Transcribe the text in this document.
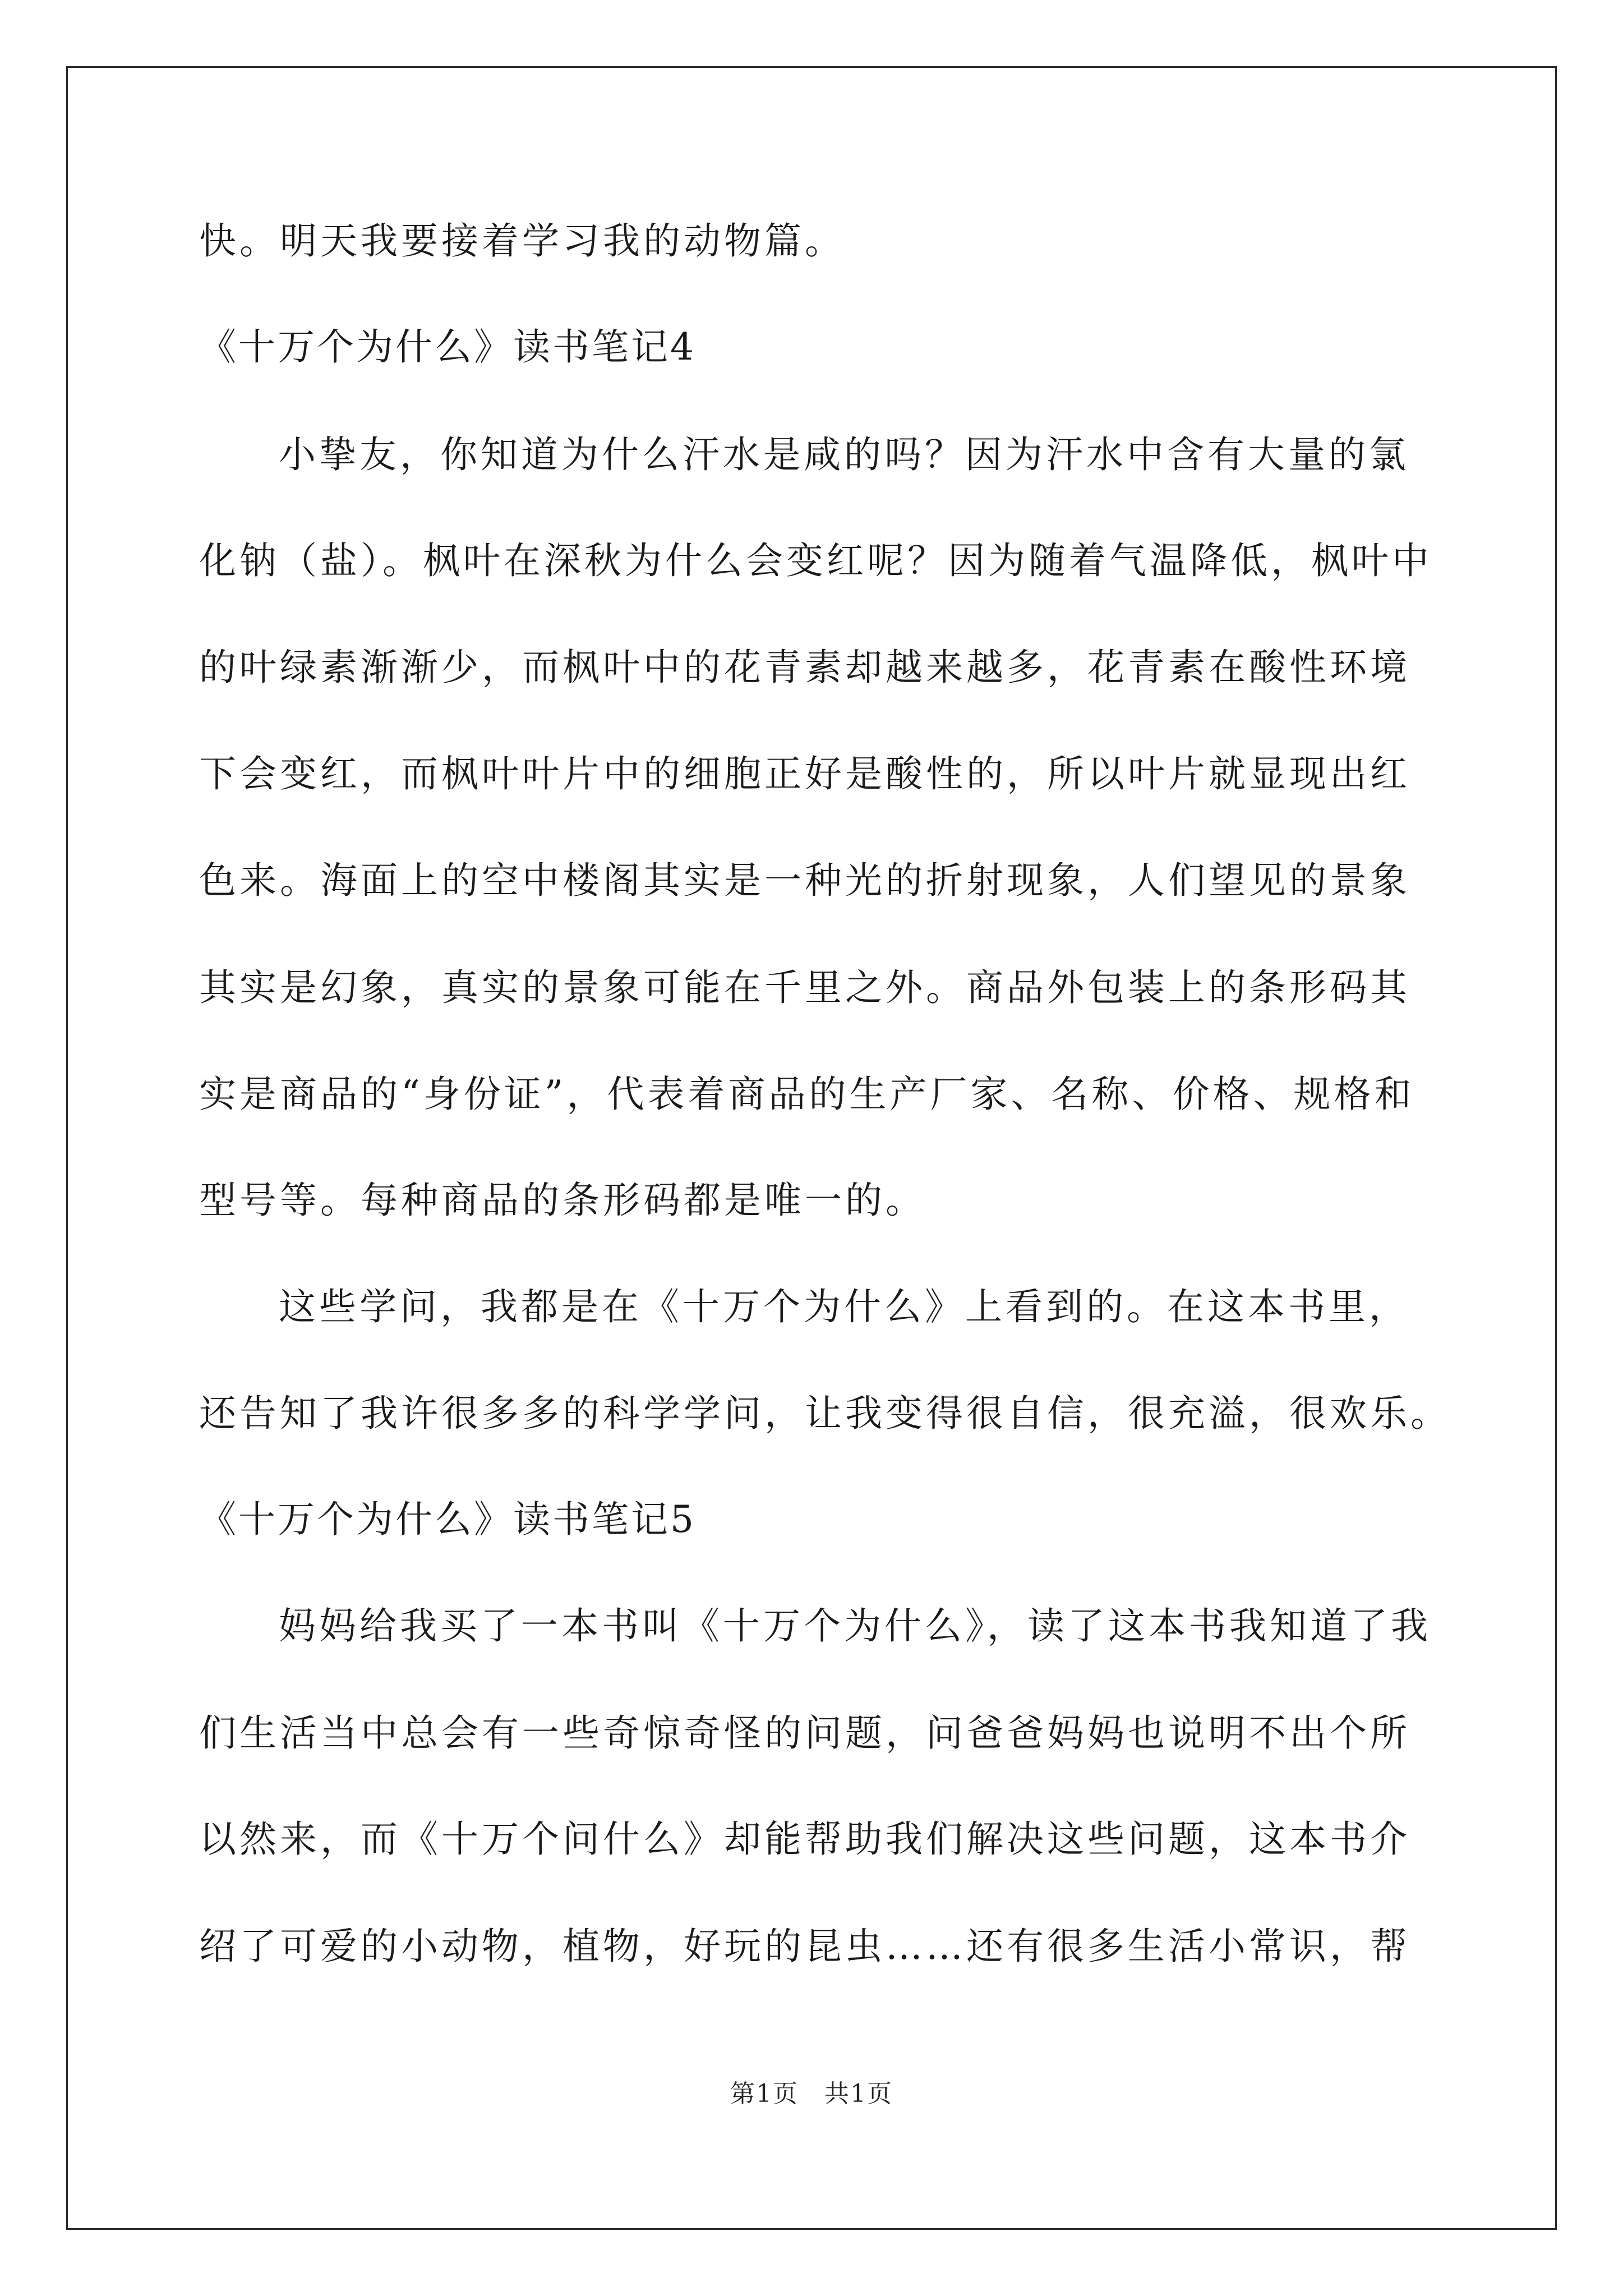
快。明天我要接着学习我的动物篇。
《十万个为什么》读书笔记4
小挚友，你知道为什么汗水是咸的吗？因为汗水中含有大量的氯
化钠（盐）。枫叶在深秋为什么会变红呢？因为随着气温降低，枫叶中
的叶绿素渐渐少，而枫叶中的花青素却越来越多，花青素在酸性环境
下会变红，而枫叶叶片中的细胞正好是酸性的，所以叶片就显现出红
色来。海面上的空中楼阁其实是一种光的折射现象，人们望见的景象
其实是幻象，真实的景象可能在千里之外。商品外包装上的条形码其
实是商品的“身份证”，代表着商品的生产厂家、名称、价格、规格和
型号等。每种商品的条形码都是唯一的。
这些学问，我都是在《十万个为什么》上看到的。在这本书里，
还告知了我许很多多的科学学问，让我变得很自信，很充溢，很欢乐。
《十万个为什么》读书笔记5
妈妈给我买了一本书叫《十万个为什么》，读了这本书我知道了我
们生活当中总会有一些奇惊奇怪的问题，问爸爸妈妈也说明不出个所
以然来，而《十万个问什么》却能帮助我们解决这些问题，这本书介
绍了可爱的小动物，植物，好玩的昆虫……还有很多生活小常识，帮
第1页　共1页
